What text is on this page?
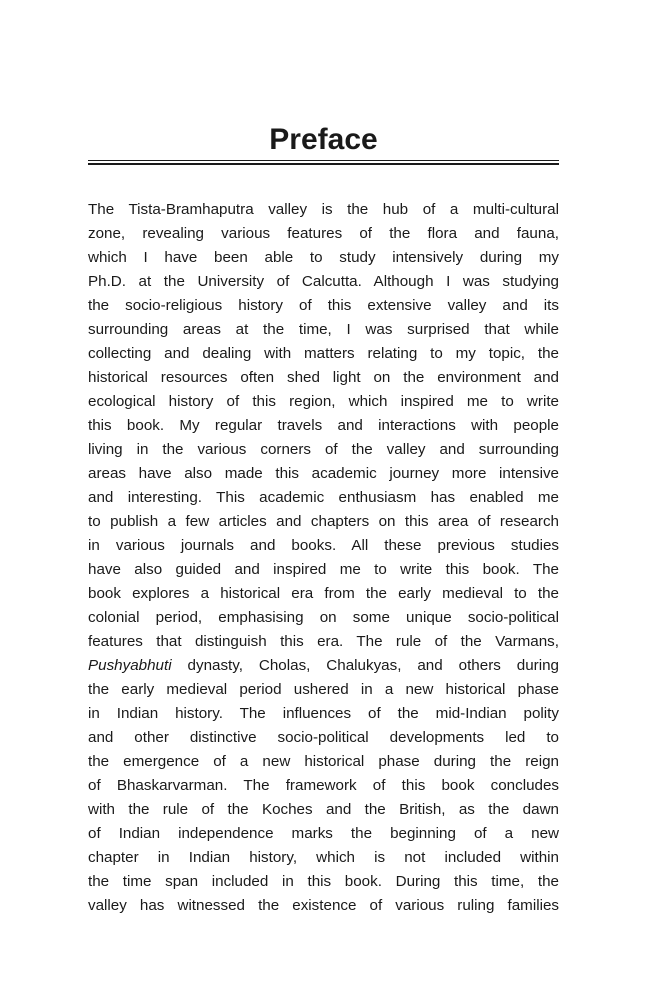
Preface
The Tista-Bramhaputra valley is the hub of a multi-cultural
zone, revealing various features of the flora and fauna,
which I have been able to study intensively during my
Ph.D. at the University of Calcutta. Although I was studying
the socio-religious history of this extensive valley and its
surrounding areas at the time, I was surprised that while
collecting and dealing with matters relating to my topic, the
historical resources often shed light on the environment and
ecological history of this region, which inspired me to write
this book. My regular travels and interactions with people
living in the various corners of the valley and surrounding
areas have also made this academic journey more intensive
and interesting. This academic enthusiasm has enabled me
to publish a few articles and chapters on this area of research
in various journals and books. All these previous studies
have also guided and inspired me to write this book. The
book explores a historical era from the early medieval to the
colonial period, emphasising on some unique socio-political
features that distinguish this era. The rule of the Varmans,
Pushyabhuti dynasty, Cholas, Chalukyas, and others during
the early medieval period ushered in a new historical phase
in Indian history. The influences of the mid-Indian polity
and other distinctive socio-political developments led to
the emergence of a new historical phase during the reign
of Bhaskarvarman. The framework of this book concludes
with the rule of the Koches and the British, as the dawn
of Indian independence marks the beginning of a new
chapter in Indian history, which is not included within
the time span included in this book. During this time, the
valley has witnessed the existence of various ruling families
